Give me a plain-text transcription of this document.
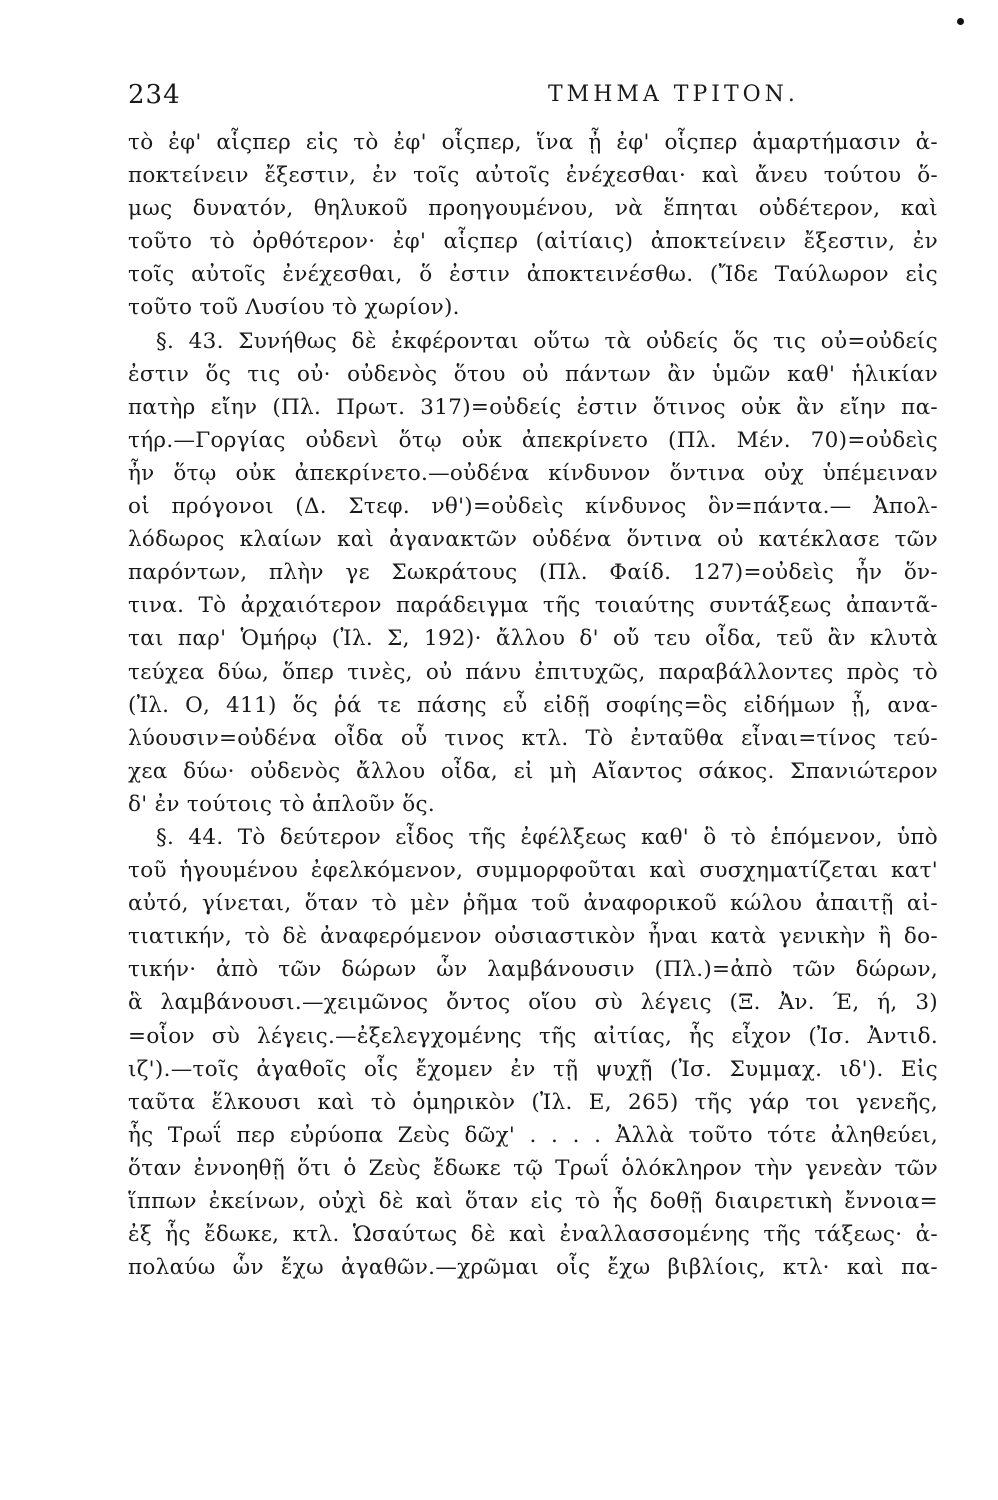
234	ΤΜΗΜΑ ΤΡΙΤΟΝ.
τὸ ἐφ' αἷςπερ εἰς τὸ ἐφ' οἷςπερ, ἵνα ᾖ ἐφ' οἷςπερ ἁμαρτήμασιν ἀ-
ποκτείνειν ἔξεστιν, ἐν τοῖς αὐτοῖς ἐνέχεσθαι· καὶ ἄνευ τούτου ὅ-
μως δυνατόν, θηλυκοῦ προηγουμένου, νὰ ἕπηται οὐδέτερον, καὶ
τοῦτο τὸ ὀρθότερον· ἐφ' αἷςπερ (αἰτίαις) ἀποκτείνειν ἔξεστιν, ἐν
τοῖς αὐτοῖς ἐνέχεσθαι, ὅ ἐστιν ἀποκτεινέσθω. (Ἴδε Ταύλωρον εἰς
τοῦτο τοῦ Λυσίου τὸ χωρίον).
§. 43. Συνήθως δὲ ἐκφέρονται οὕτω τὰ οὐδείς ὅς τις οὐ=οὐδείς
ἐστιν ὅς τις οὐ· οὐδενὸς ὅτου οὐ πάντων ἂν ὑμῶν καθ' ἡλικίαν
πατὴρ εἴην (Πλ. Πρωτ. 317)=οὐδείς ἐστιν ὅτινος οὐκ ἂν εἴην πα-
τήρ.—Γοργίας οὐδενὶ ὅτῳ οὐκ ἀπεκρίνετο (Πλ. Μέν. 70)=οὐδεὶς
ἦν ὅτῳ οὐκ ἀπεκρίνετο.—οὐδένα κίνδυνον ὅντινα οὐχ ὑπέμειναν
οἱ πρόγονοι (Δ. Στεφ. νθ')=οὐδεὶς κίνδυνος ὃν=πάντα.— Ἀπολ-
λόδωρος κλαίων καὶ ἀγανακτῶν οὐδένα ὅντινα οὐ κατέκλασε τῶν
παρόντων, πλὴν γε Σωκράτους (Πλ. Φαίδ. 127)=οὐδεὶς ἦν ὅν-
τινα. Τὸ ἀρχαιότερον παράδειγμα τῆς τοιαύτης συντάξεως ἀπαντᾶ-
ται παρ' Ὁμήρῳ (Ἰλ. Σ, 192)· ἄλλου δ' οὔ τευ οἶδα, τεῦ ἂν κλυτὰ
τεύχεα δύω, ὅπερ τινὲς, οὐ πάνυ ἐπιτυχῶς, παραβάλλοντες πρὸς τὸ
(Ἰλ. Ο, 411) ὅς ῥά τε πάσης εὖ εἰδῇ σοφίης=ὃς εἰδήμων ᾖ, ανα-
λύουσιν=οὐδένα οἶδα οὗ τινος κτλ. Τὸ ἐνταῦθα εἶναι=τίνος τεύ-
χεα δύω· οὐδενὸς ἄλλου οἶδα, εἰ μὴ Αἴαντος σάκος. Σπανιώτερον
δ' ἐν τούτοις τὸ ἁπλοῦν ὅς.
§. 44. Τὸ δεύτερον εἶδος τῆς ἐφέλξεως καθ' ὃ τὸ ἑπόμενον, ὑπὸ
τοῦ ἡγουμένου ἐφελκόμενον, συμμορφοῦται καὶ συσχηματίζεται κατ'
αὐτό, γίνεται, ὅταν τὸ μὲν ῥῆμα τοῦ ἀναφορικοῦ κώλου ἀπαιτῇ αἰ-
τιατικήν, τὸ δὲ ἀναφερόμενον οὐσιαστικὸν ἦναι κατὰ γενικὴν ἢ δο-
τικήν· ἀπὸ τῶν δώρων ὧν λαμβάνουσιν (Πλ.)=ἀπὸ τῶν δώρων,
ἃ λαμβάνουσι.—χειμῶνος ὄντος οἵου σὺ λέγεις (Ξ. Ἀν. Έ, ή, 3)
=οἷον σὺ λέγεις.—ἐξελεγχομένης τῆς αἰτίας, ἧς εἶχον (Ἰσ. Ἀντιδ.
ιζ').—τοῖς ἀγαθοῖς οἷς ἔχομεν ἐν τῇ ψυχῇ (Ἰσ. Συμμαχ. ιδ'). Εἰς
ταῦτα ἕλκουσι καὶ τὸ ὁμηρικὸν (Ἰλ. Ε, 265) τῆς γάρ τοι γενεῆς,
ἧς Τρωΐ περ εὐρύοπα Ζεὺς δῶχ' . . . . Ἀλλὰ τοῦτο τότε ἀληθεύει,
ὅταν ἐννοηθῇ ὅτι ὁ Ζεὺς ἔδωκε τῷ Τρωΐ ὁλόκληρον τὴν γενεὰν τῶν
ἵππων ἐκείνων, οὐχὶ δὲ καὶ ὅταν εἰς τὸ ἧς δοθῇ διαιρετικὴ ἔννοια=
ἐξ ἧς ἔδωκε, κτλ. Ὡσαύτως δὲ καὶ ἐναλλασσομένης τῆς τάξεως· ἀ-
πολαύω ὧν ἔχω ἀγαθῶν.—χρῶμαι οἷς ἔχω βιβλίοις, κτλ· καὶ πα-
